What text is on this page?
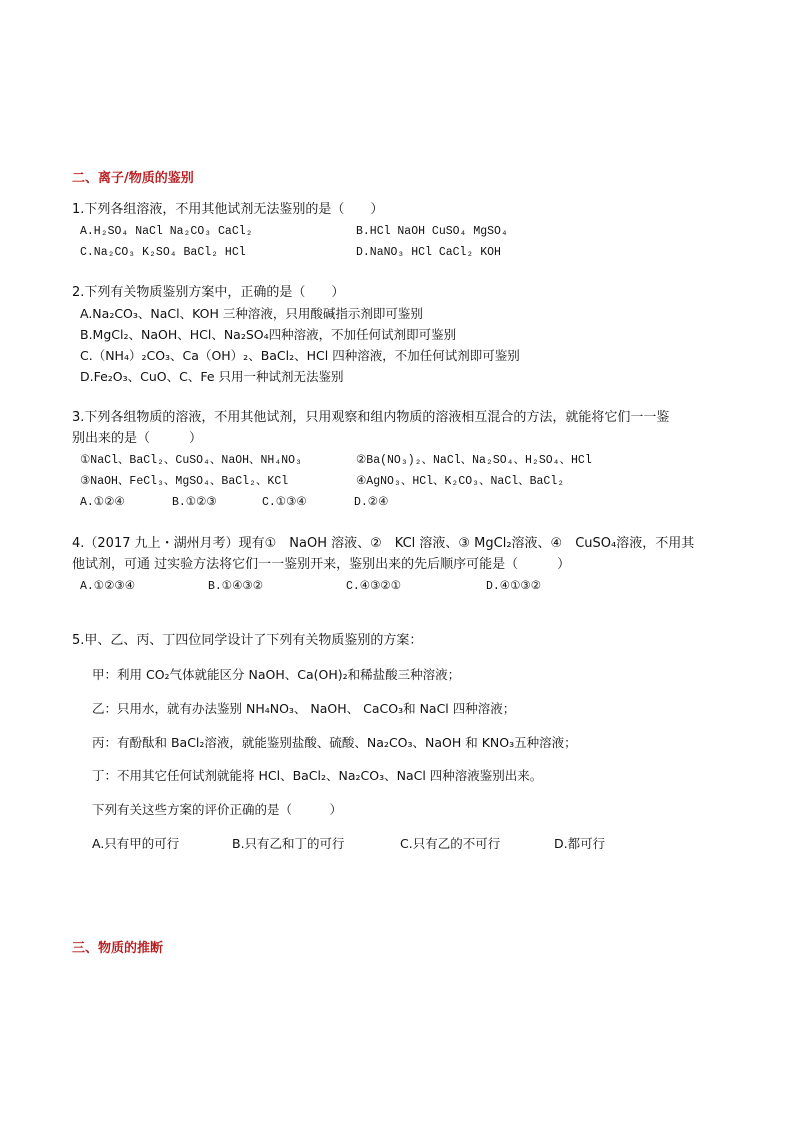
二、离子/物质的鉴别
1.下列各组溶液，不用其他试剂无法鉴别的是（　　）
A.H₂SO₄ NaCl Na₂CO₃ CaCl₂	B.HCl NaOH CuSO₄ MgSO₄
C.Na₂CO₃ K₂SO₄ BaCl₂ HCl	D.NaNO₃ HCl CaCl₂ KOH
2.下列有关物质鉴别方案中，正确的是（　　）
A.Na₂CO₃、NaCl、KOH 三种溶液，只用酸碱指示剂即可鉴别
B.MgCl₂、NaOH、HCl、Na₂SO₄四种溶液，不加任何试剂即可鉴别
C.（NH₄）₂CO₃、Ca（OH）₂、BaCl₂、HCl 四种溶液，不加任何试剂即可鉴别
D.Fe₂O₃、CuO、C、Fe 只用一种试剂无法鉴别
3.下列各组物质的溶液，不用其他试剂，只用观察和组内物质的溶液相互混合的方法，就能将它们一一鉴
别出来的是（　　　）
①NaCl、BaCl₂、CuSO₄、NaOH、NH₄NO₃	②Ba(NO₃)₂、NaCl、Na₂SO₄、H₂SO₄、HCl
③NaOH、FeCl₃、MgSO₄、BaCl₂、KCl	④AgNO₃、HCl、K₂CO₃、NaCl、BaCl₂
A.①②④	B.①②③	C.①③④	D.②④
4.（2017 九上・湖州月考）现有①　NaOH 溶液、②　KCl 溶液、③ MgCl₂溶液、④　CuSO₄溶液，不用其
他试剂，可通 过实验方法将它们一一鉴别开来，鉴别出来的先后顺序可能是（　　　）
A.①②③④	B.①④③②	C.④③②①	D.④①③②
5.甲、乙、丙、丁四位同学设计了下列有关物质鉴别的方案：
甲：利用 CO₂气体就能区分 NaOH、Ca(OH)₂和稀盐酸三种溶液；
乙：只用水，就有办法鉴别 NH₄NO₃、 NaOH、 CaCO₃和 NaCl 四种溶液；
丙：有酚酞和 BaCl₂溶液，就能鉴别盐酸、硫酸、Na₂CO₃、NaOH 和 KNO₃五种溶液；
丁：不用其它任何试剂就能将 HCl、BaCl₂、Na₂CO₃、NaCl 四种溶液鉴别出来。
下列有关这些方案的评价正确的是（　　　）
A.只有甲的可行	B.只有乙和丁的可行	C.只有乙的不可行	D.都可行
三、物质的推断
